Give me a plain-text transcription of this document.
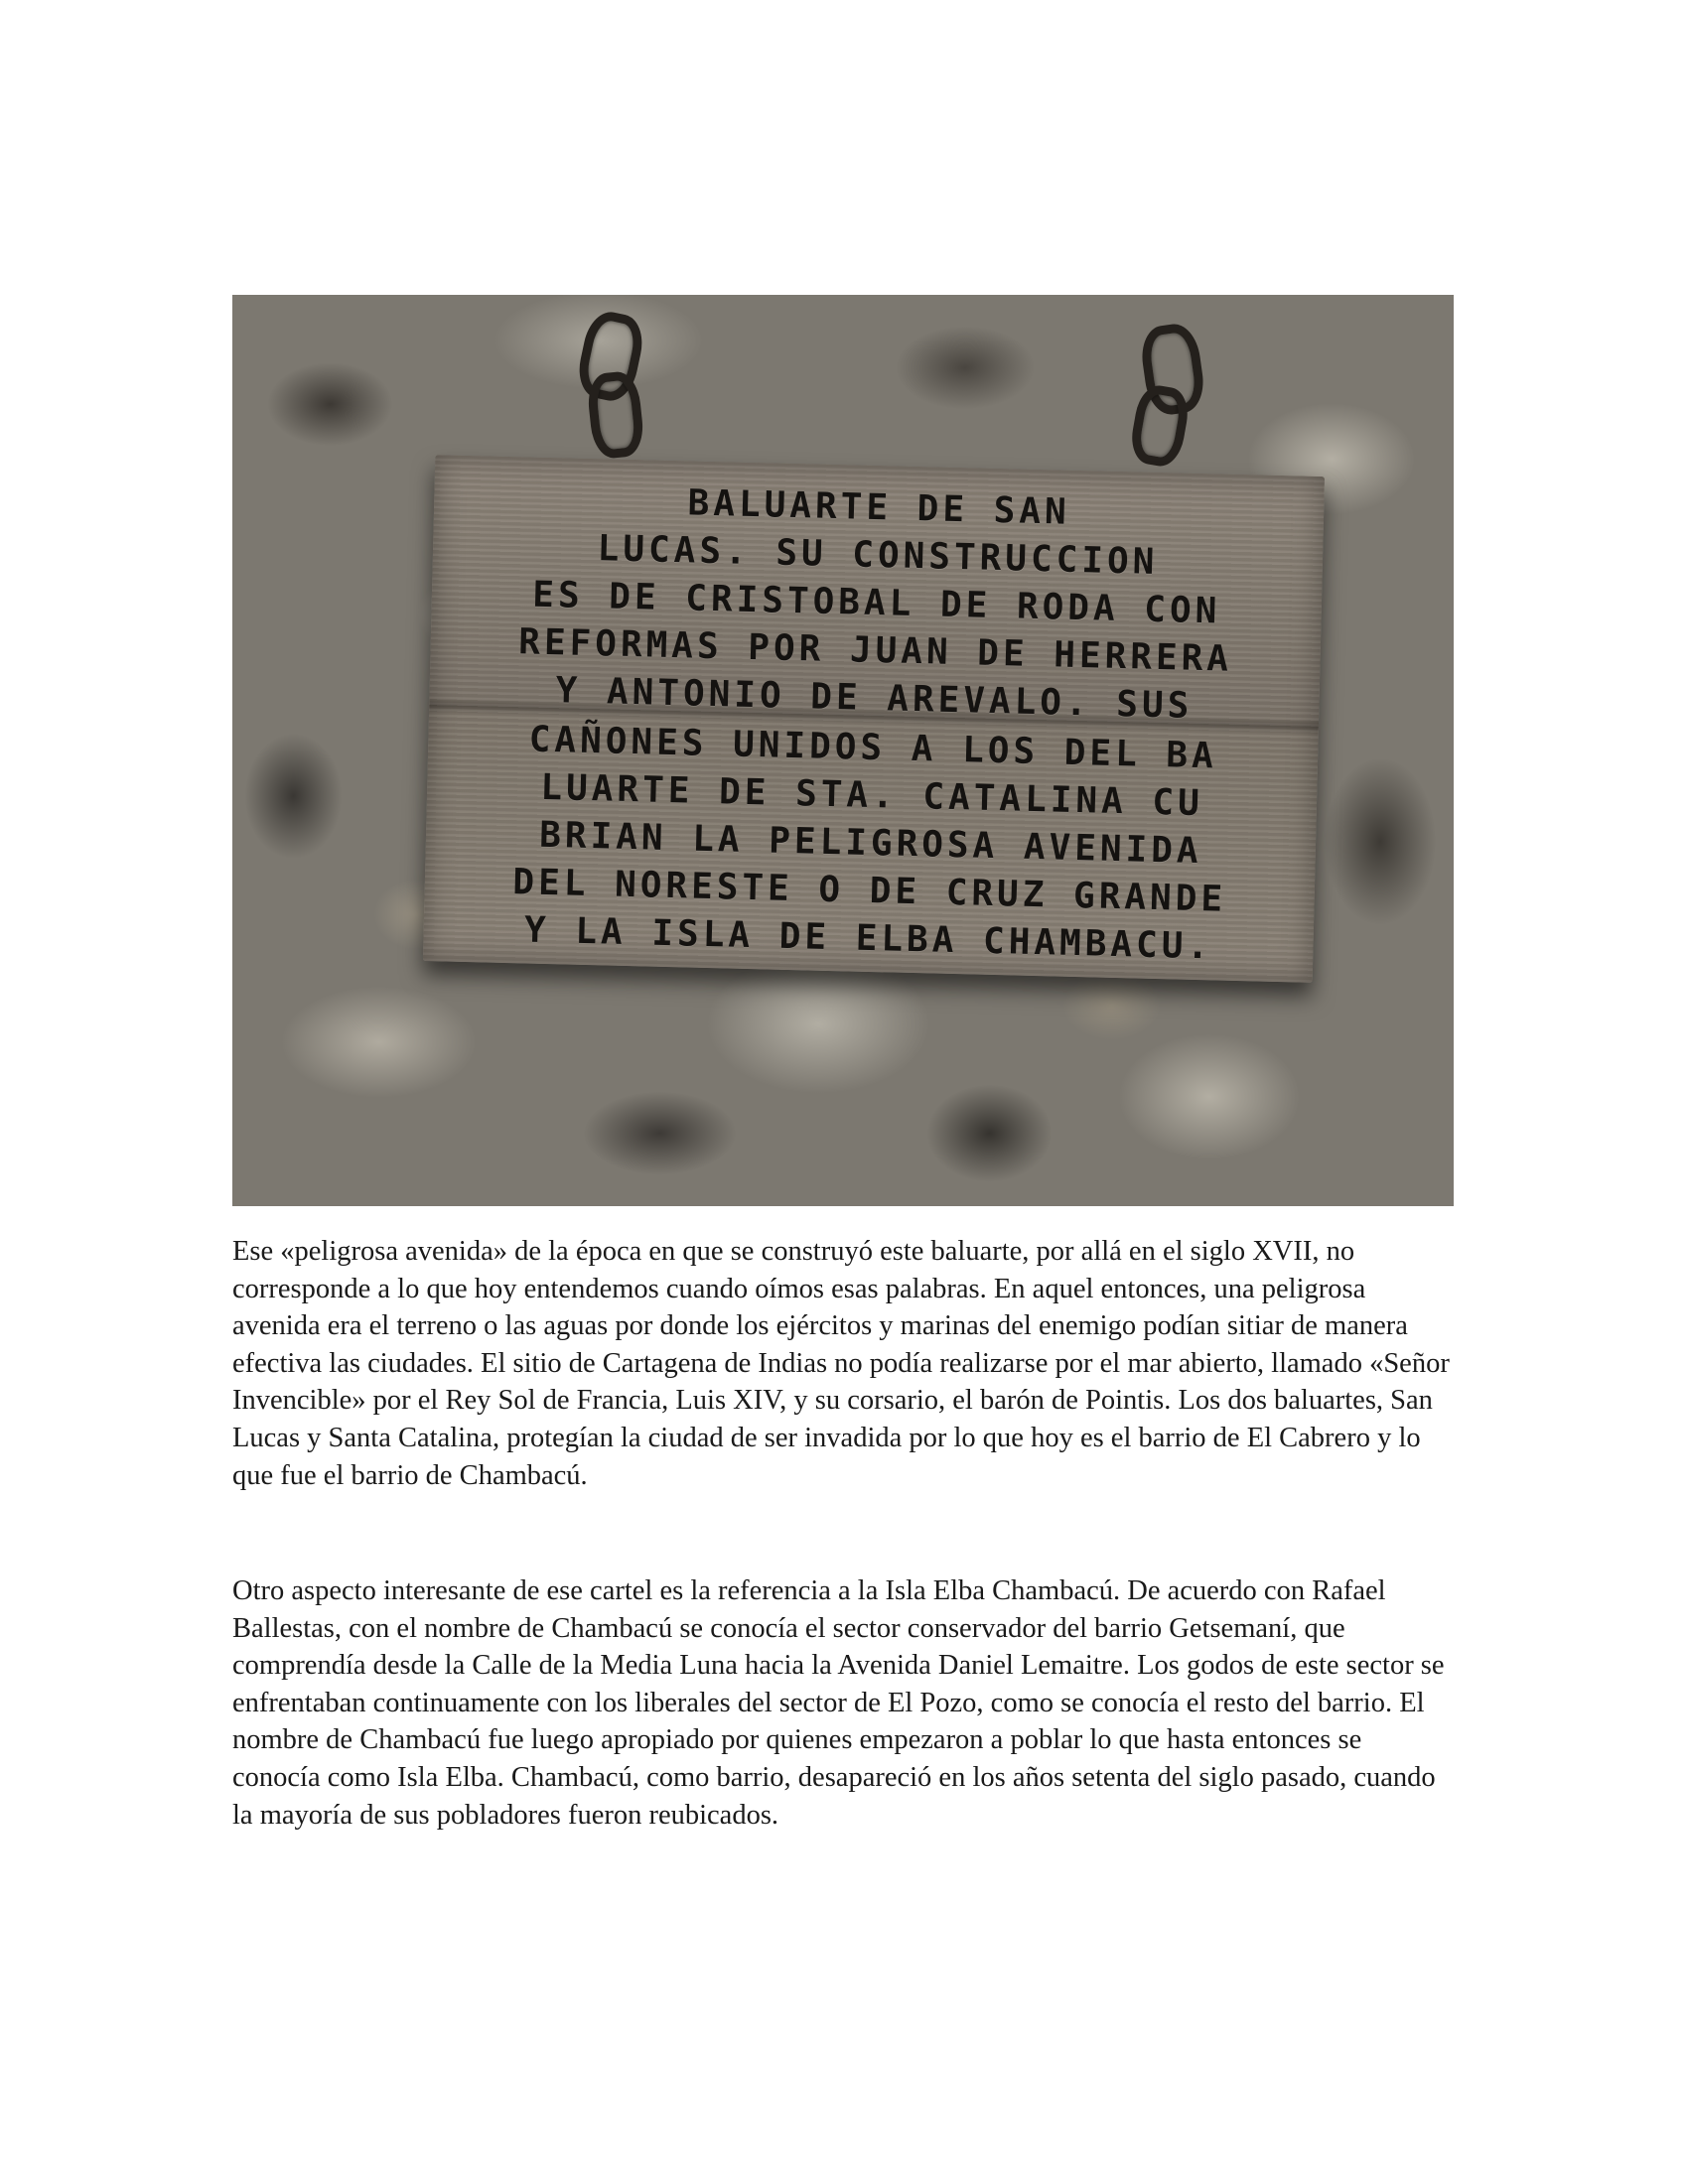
BALUARTE DE SAN
LUCAS. SU CONSTRUCCION
ES DE CRISTOBAL DE RODA CON
REFORMAS POR JUAN DE HERRERA
Y ANTONIO DE AREVALO. SUS
CAÑONES UNIDOS A LOS DEL BA
LUARTE DE STA. CATALINA CU
BRIAN LA PELIGROSA AVENIDA
DEL NORESTE O DE CRUZ GRANDE
Y LA ISLA DE ELBA CHAMBACU.

Ese «peligrosa avenida» de la época en que se construyó este baluarte, por allá en el siglo XVII, no corresponde a lo que hoy entendemos cuando oímos esas palabras. En aquel entonces, una peligrosa avenida era el terreno o las aguas por donde los ejércitos y marinas del enemigo podían sitiar de manera efectiva las ciudades. El sitio de Cartagena de Indias no podía realizarse por el mar abierto, llamado «Señor Invencible» por el Rey Sol de Francia, Luis XIV, y su corsario, el barón de Pointis. Los dos baluartes, San Lucas y Santa Catalina, protegían la ciudad de ser invadida por lo que hoy es el barrio de El Cabrero y lo que fue el barrio de Chambacú.

Otro aspecto interesante de ese cartel es la referencia a la Isla Elba Chambacú. De acuerdo con Rafael Ballestas, con el nombre de Chambacú se conocía el sector conservador del barrio Getsemaní, que comprendía desde la Calle de la Media Luna hacia la Avenida Daniel Lemaitre. Los godos de este sector se enfrentaban continuamente con los liberales del sector de El Pozo, como se conocía el resto del barrio. El nombre de Chambacú fue luego apropiado por quienes empezaron a poblar lo que hasta entonces se conocía como Isla Elba. Chambacú, como barrio, desapareció en los años setenta del siglo pasado, cuando la mayoría de sus pobladores fueron reubicados.
